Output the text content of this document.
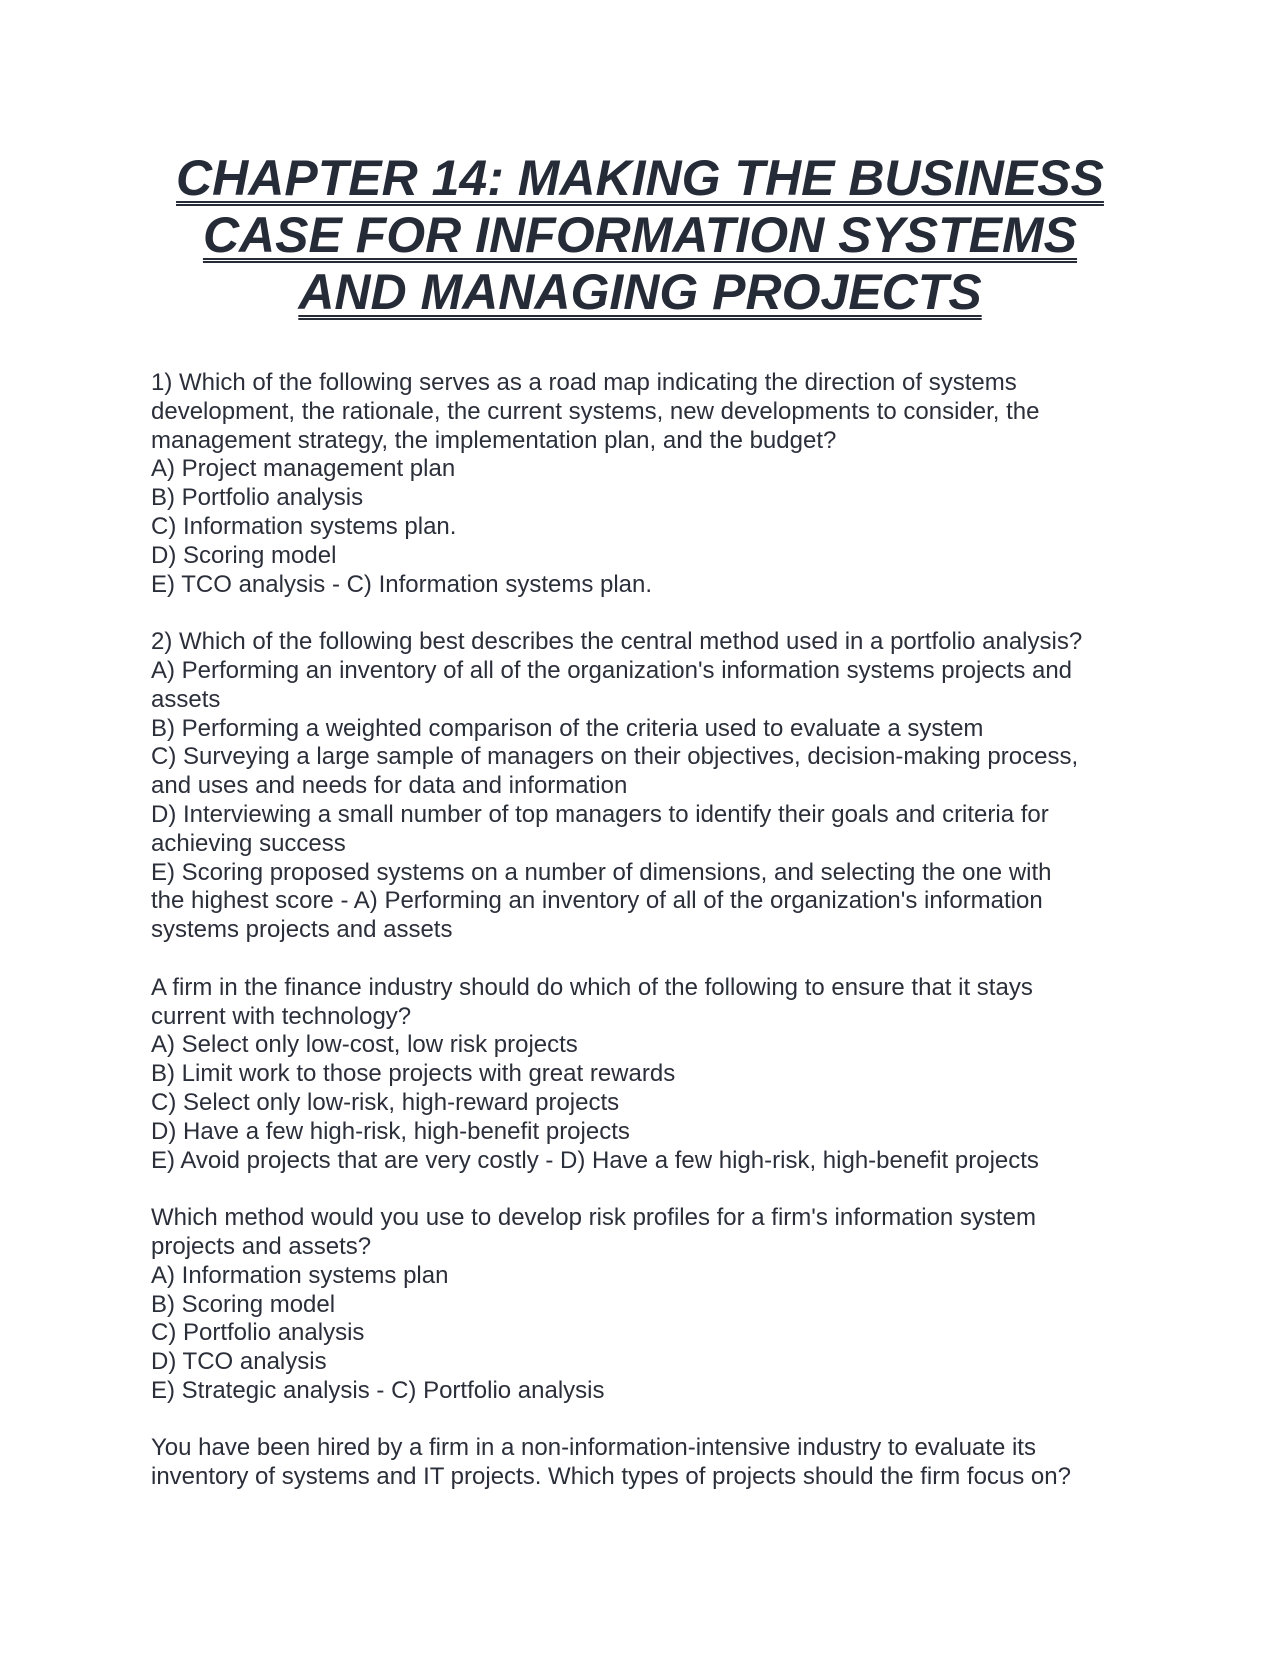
CHAPTER 14: MAKING THE BUSINESS
CASE FOR INFORMATION SYSTEMS
AND MANAGING PROJECTS
1) Which of the following serves as a road map indicating the direction of systems
development, the rationale, the current systems, new developments to consider, the
management strategy, the implementation plan, and the budget?
A) Project management plan
B) Portfolio analysis
C) Information systems plan.
D) Scoring model
E) TCO analysis - C) Information systems plan.
2) Which of the following best describes the central method used in a portfolio analysis?
A) Performing an inventory of all of the organization's information systems projects and
assets
B) Performing a weighted comparison of the criteria used to evaluate a system
C) Surveying a large sample of managers on their objectives, decision-making process,
and uses and needs for data and information
D) Interviewing a small number of top managers to identify their goals and criteria for
achieving success
E) Scoring proposed systems on a number of dimensions, and selecting the one with
the highest score - A) Performing an inventory of all of the organization's information
systems projects and assets
A firm in the finance industry should do which of the following to ensure that it stays
current with technology?
A) Select only low-cost, low risk projects
B) Limit work to those projects with great rewards
C) Select only low-risk, high-reward projects
D) Have a few high-risk, high-benefit projects
E) Avoid projects that are very costly - D) Have a few high-risk, high-benefit projects
Which method would you use to develop risk profiles for a firm's information system
projects and assets?
A) Information systems plan
B) Scoring model
C) Portfolio analysis
D) TCO analysis
E) Strategic analysis - C) Portfolio analysis
You have been hired by a firm in a non-information-intensive industry to evaluate its
inventory of systems and IT projects. Which types of projects should the firm focus on?
